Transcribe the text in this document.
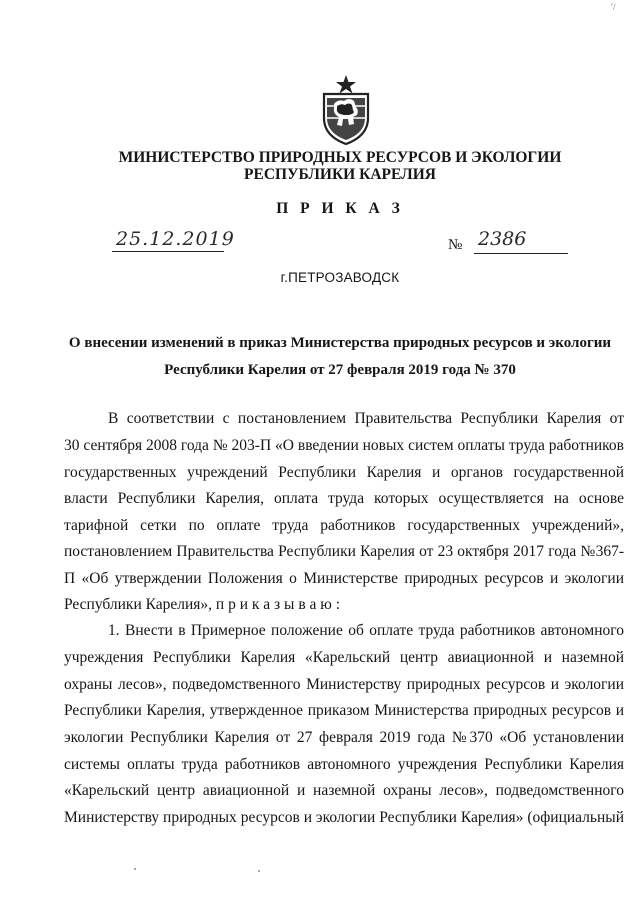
′/
МИНИСТЕРСТВО ПРИРОДНЫХ РЕСУРСОВ И ЭКОЛОГИИ
РЕСПУБЛИКИ КАРЕЛИЯ
П Р И К А З
25.12.2019	№ 2386
г.ПЕТРОЗАВОДСК
О внесении изменений в приказ Министерства природных ресурсов и экологии
Республики Карелия от 27 февраля 2019 года № 370
В соответствии с постановлением Правительства Республики Карелия от
30 сентября 2008 года № 203-П «О введении новых систем оплаты труда работников
государственных учреждений Республики Карелия и органов государственной
власти Республики Карелия, оплата труда которых осуществляется на основе
тарифной сетки по оплате труда работников государственных учреждений»,
постановлением Правительства Республики Карелия от 23 октября 2017 года №367-
П «Об утверждении Положения о Министерстве природных ресурсов и экологии
Республики Карелия», п р и к а з ы в а ю :
1. Внести в Примерное положение об оплате труда работников автономного
учреждения Республики Карелия «Карельский центр авиационной и наземной
охраны лесов», подведомственного Министерству природных ресурсов и экологии
Республики Карелия, утвержденное приказом Министерства природных ресурсов и
экологии Республики Карелия от 27 февраля 2019 года №370 «Об установлении
системы оплаты труда работников автономного учреждения Республики Карелия
«Карельский центр авиационной и наземной охраны лесов», подведомственного
Министерству природных ресурсов и экологии Республики Карелия» (официальный
